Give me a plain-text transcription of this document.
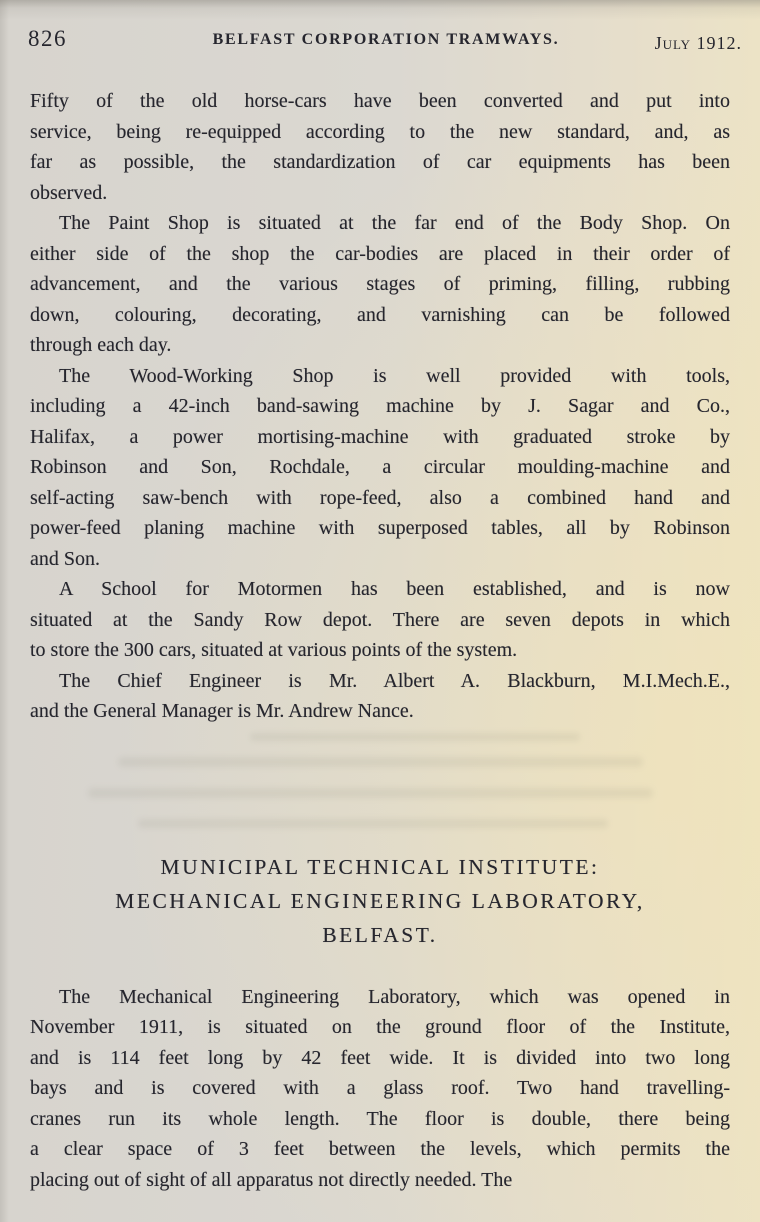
826	BELFAST CORPORATION TRAMWAYS.	July 1912.

Fifty of the old horse-cars have been converted and put into
service, being re-equipped according to the new standard, and, as
far as possible, the standardization of car equipments has been
observed.

The Paint Shop is situated at the far end of the Body Shop. On
either side of the shop the car-bodies are placed in their order of
advancement, and the various stages of priming, filling, rubbing
down, colouring, decorating, and varnishing can be followed
through each day.

The Wood-Working Shop is well provided with tools,
including a 42-inch band-sawing machine by J. Sagar and Co.,
Halifax, a power mortising-machine with graduated stroke by
Robinson and Son, Rochdale, a circular moulding-machine and
self-acting saw-bench with rope-feed, also a combined hand and
power-feed planing machine with superposed tables, all by Robinson
and Son.

A School for Motormen has been established, and is now
situated at the Sandy Row depot. There are seven depots in which
to store the 300 cars, situated at various points of the system.

The Chief Engineer is Mr. Albert A. Blackburn, M.I.Mech.E.,
and the General Manager is Mr. Andrew Nance.

MUNICIPAL TECHNICAL INSTITUTE:
MECHANICAL ENGINEERING LABORATORY,
BELFAST.

The Mechanical Engineering Laboratory, which was opened in
November 1911, is situated on the ground floor of the Institute,
and is 114 feet long by 42 feet wide. It is divided into two long
bays and is covered with a glass roof. Two hand travelling-
cranes run its whole length. The floor is double, there being
a clear space of 3 feet between the levels, which permits the
placing out of sight of all apparatus not directly needed. The
